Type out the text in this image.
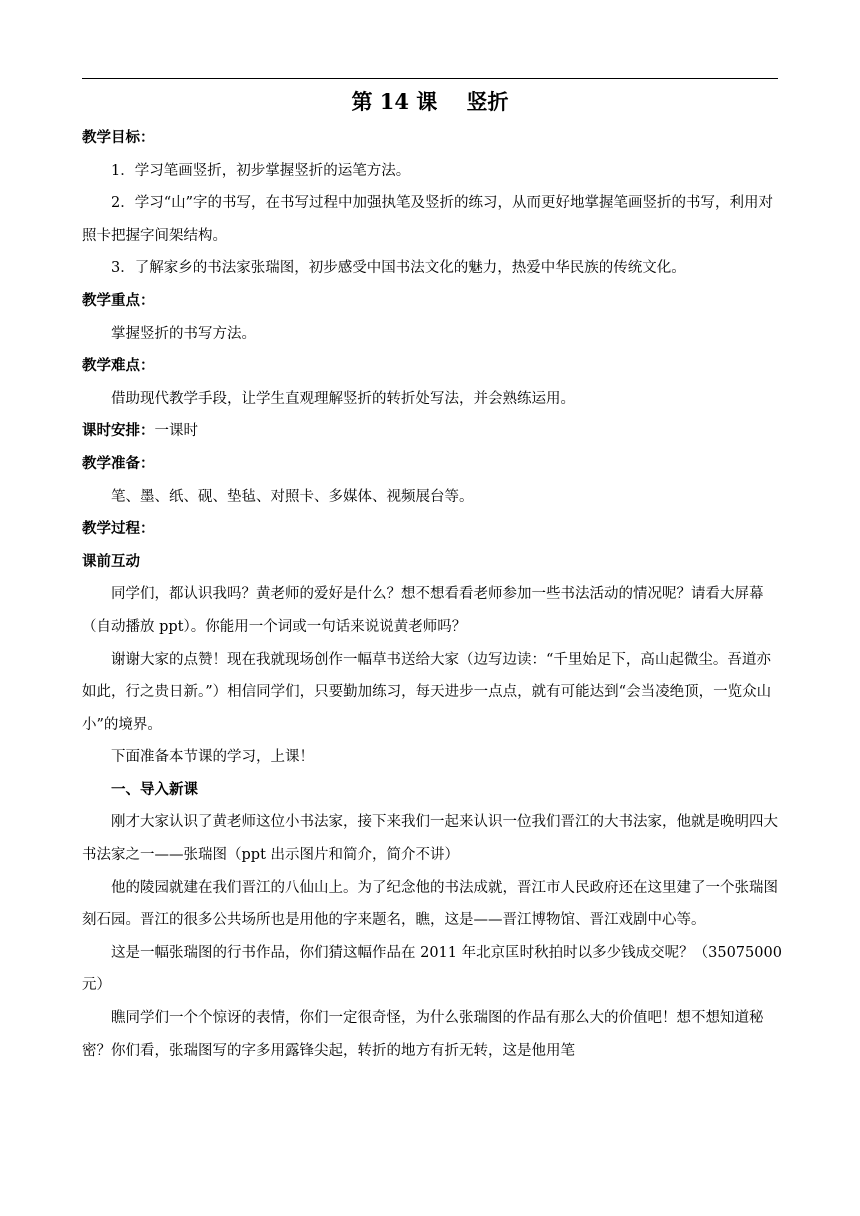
第 14 课    竖折

教学目标：

1．学习笔画竖折，初步掌握竖折的运笔方法。

2．学习“山”字的书写，在书写过程中加强执笔及竖折的练习，从而更好地掌握笔画竖折的书写，利用对照卡把握字间架结构。

3．了解家乡的书法家张瑞图，初步感受中国书法文化的魅力，热爱中华民族的传统文化。

教学重点：

掌握竖折的书写方法。

教学难点：

借助现代教学手段，让学生直观理解竖折的转折处写法，并会熟练运用。

课时安排：一课时

教学准备：

笔、墨、纸、砚、垫毡、对照卡、多媒体、视频展台等。

教学过程：

课前互动

同学们，都认识我吗？黄老师的爱好是什么？想不想看看老师参加一些书法活动的情况呢？请看大屏幕（自动播放 ppt）。你能用一个词或一句话来说说黄老师吗？

谢谢大家的点赞！现在我就现场创作一幅草书送给大家（边写边读：“千里始足下，高山起微尘。吾道亦如此，行之贵日新。”）相信同学们，只要勤加练习，每天进步一点点，就有可能达到“会当凌绝顶，一览众山小”的境界。

下面准备本节课的学习，上课！

一、导入新课

刚才大家认识了黄老师这位小书法家，接下来我们一起来认识一位我们晋江的大书法家，他就是晚明四大书法家之一——张瑞图（ppt 出示图片和简介，简介不讲）

他的陵园就建在我们晋江的八仙山上。为了纪念他的书法成就，晋江市人民政府还在这里建了一个张瑞图刻石园。晋江的很多公共场所也是用他的字来题名，瞧，这是——晋江博物馆、晋江戏剧中心等。

这是一幅张瑞图的行书作品，你们猜这幅作品在 2011 年北京匡时秋拍时以多少钱成交呢？（35075000 元）

瞧同学们一个个惊讶的表情，你们一定很奇怪，为什么张瑞图的作品有那么大的价值吧！想不想知道秘密？你们看，张瑞图写的字多用露锋尖起，转折的地方有折无转，这是他用笔
